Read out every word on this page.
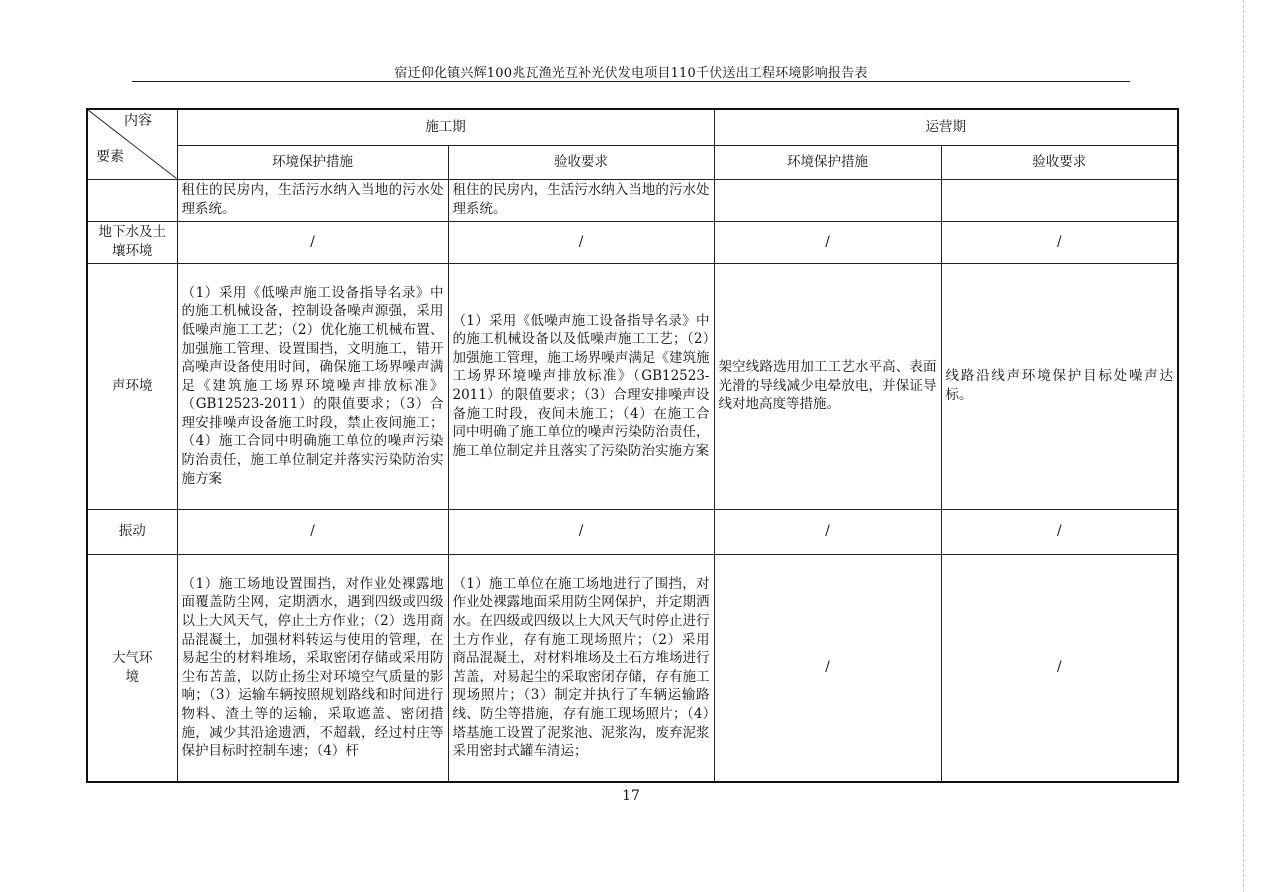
宿迁仰化镇兴辉100兆瓦渔光互补光伏发电项目110千伏送出工程环境影响报告表
内容
要素	施工期		运营期	
	环境保护措施	验收要求	环境保护措施	验收要求
	租住的民房内，生活污水纳入当地的污水处理系统。	租住的民房内，生活污水纳入当地的污水处理系统。		
地下水及土壤环境	/	/	/	/
声环境	（1）采用《低噪声施工设备指导名录》中的施工机械设备，控制设备噪声源强，采用低噪声施工工艺；（2）优化施工机械布置、加强施工管理、设置围挡，文明施工，错开高噪声设备使用时间，确保施工场界噪声满足《建筑施工场界环境噪声排放标准》（GB12523-2011）的限值要求；（3）合理安排噪声设备施工时段，禁止夜间施工；（4）施工合同中明确施工单位的噪声污染防治责任，施工单位制定并落实污染防治实施方案	（1）采用《低噪声施工设备指导名录》中的施工机械设备以及低噪声施工工艺；（2）加强施工管理，施工场界噪声满足《建筑施工场界环境噪声排放标准》（GB12523-2011）的限值要求；（3）合理安排噪声设备施工时段，夜间未施工；（4）在施工合同中明确了施工单位的噪声污染防治责任，施工单位制定并且落实了污染防治实施方案	架空线路选用加工工艺水平高、表面光滑的导线减少电晕放电，并保证导线对地高度等措施。	线路沿线声环境保护目标处噪声达标。
振动	/	/	/	/
大气环境	（1）施工场地设置围挡，对作业处裸露地面覆盖防尘网，定期洒水，遇到四级或四级以上大风天气，停止土方作业；（2）选用商品混凝土，加强材料转运与使用的管理，在易起尘的材料堆场，采取密闭存储或采用防尘布苫盖，以防止扬尘对环境空气质量的影响；（3）运输车辆按照规划路线和时间进行物料、渣土等的运输，采取遮盖、密闭措施，减少其沿途遗洒，不超载，经过村庄等保护目标时控制车速；（4）杆	（1）施工单位在施工场地进行了围挡，对作业处裸露地面采用防尘网保护，并定期洒水。在四级或四级以上大风天气时停止进行土方作业，存有施工现场照片；（2）采用商品混凝土，对材料堆场及土石方堆场进行苫盖，对易起尘的采取密闭存储，存有施工现场照片；（3）制定并执行了车辆运输路线、防尘等措施，存有施工现场照片；（4）塔基施工设置了泥浆池、泥浆沟，废弃泥浆采用密封式罐车清运；	/	/
17
